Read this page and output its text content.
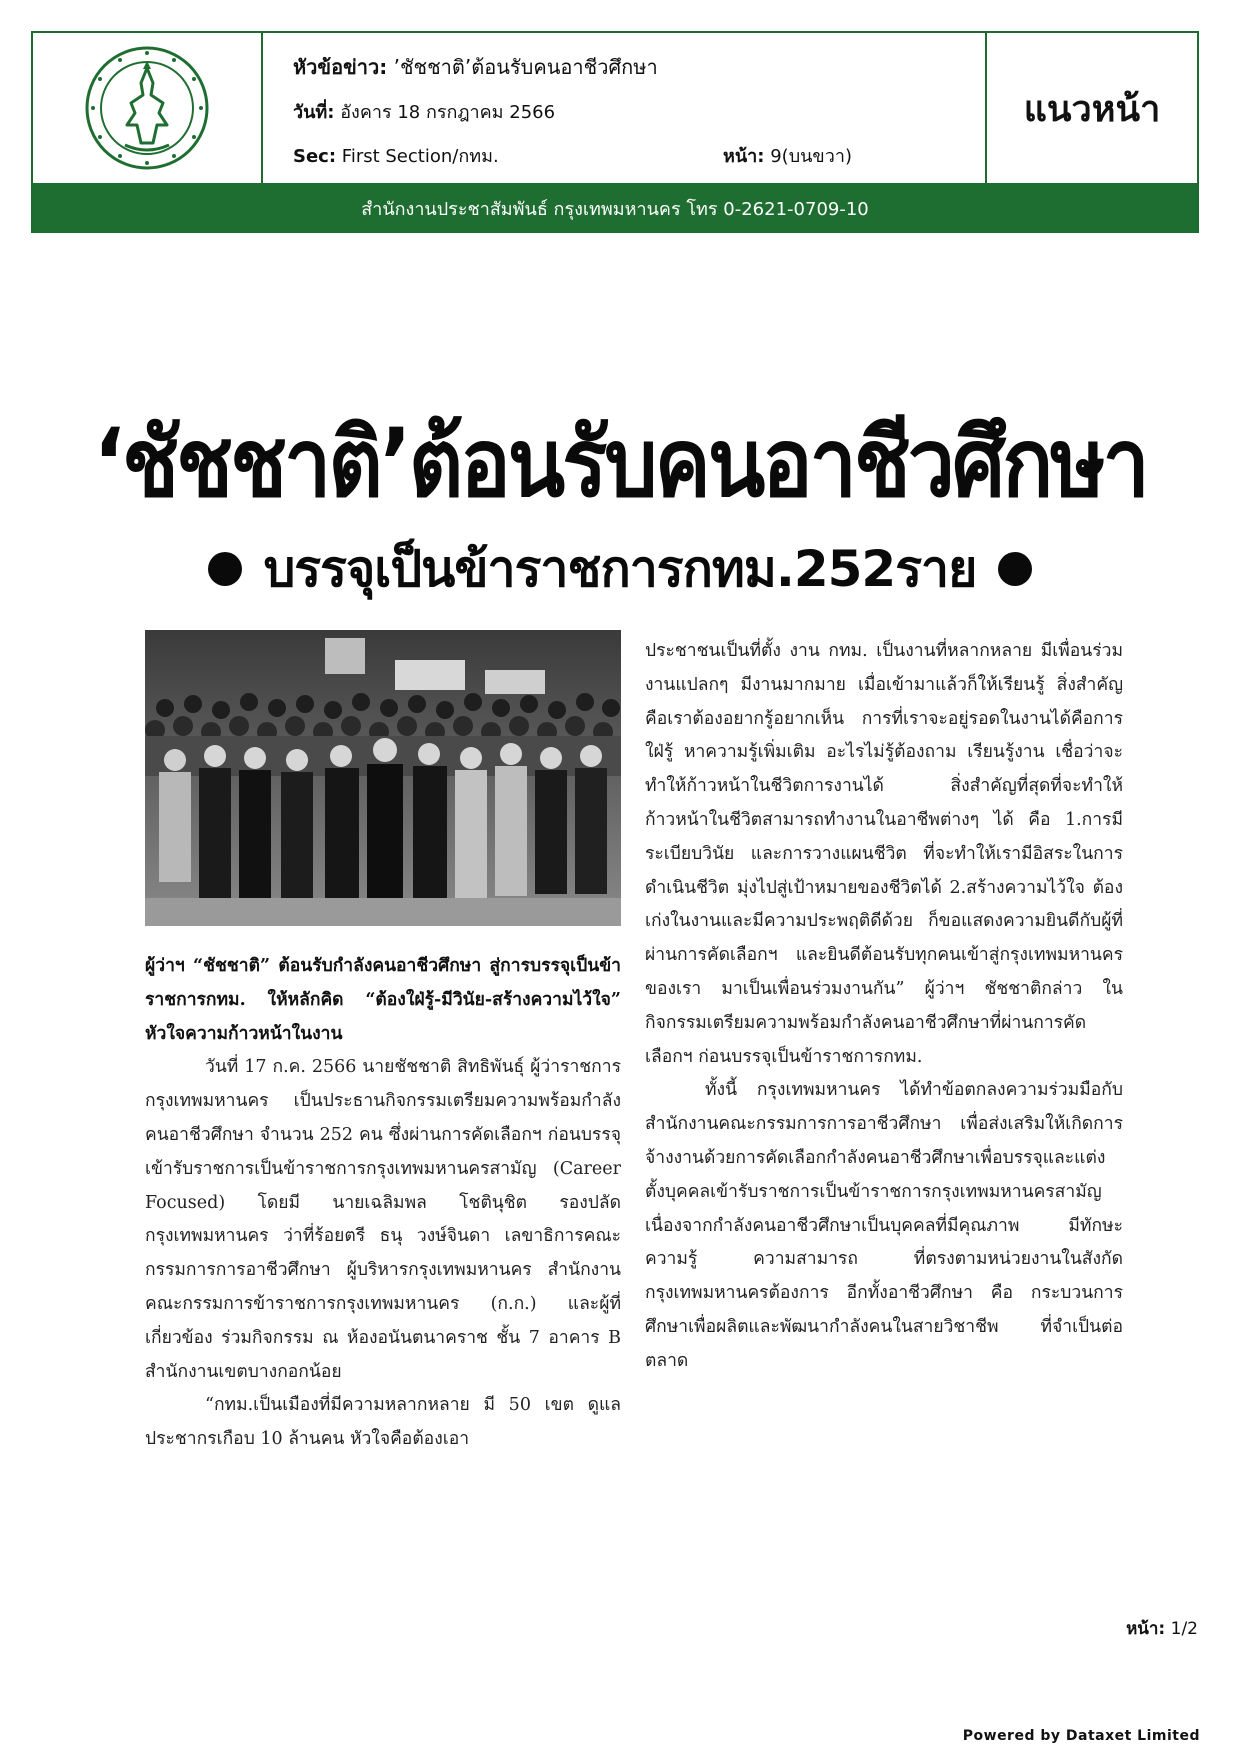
หัวข้อข่าว: ’ชัชชาติ’ต้อนรับคนอาชีวศึกษา
วันที่: อังคาร 18 กรกฎาคม 2566
Sec: First Section/กทม.	หน้า: 9(บนขวา)
แนวหน้า
สำนักงานประชาสัมพันธ์ กรุงเทพมหานคร โทร 0-2621-0709-10
‘ชัชชาติ’ต้อนรับคนอาชีวศึกษา
บรรจุเป็นข้าราชการกทม.252ราย

ผู้ว่าฯ “ชัชชาติ” ต้อนรับกำลังคนอาชีวศึกษา สู่การบรรจุเป็นข้าราชการกทม. ให้หลักคิด “ต้องใฝ่รู้-มีวินัย-สร้างความไว้ใจ” หัวใจความก้าวหน้าในงาน

วันที่ 17 ก.ค. 2566 นายชัชชาติ สิทธิพันธุ์ ผู้ว่าราชการกรุงเทพมหานคร เป็นประธานกิจกรรมเตรียมความพร้อมกำลังคนอาชีวศึกษา จำนวน 252 คน ซึ่งผ่านการคัดเลือกฯ ก่อนบรรจุเข้ารับราชการเป็นข้าราชการกรุงเทพมหานครสามัญ (Career Focused) โดยมี นายเฉลิมพล โชตินุชิต รองปลัดกรุงเทพมหานคร ว่าที่ร้อยตรี ธนุ วงษ์จินดา เลขาธิการคณะกรรมการการอาชีวศึกษา ผู้บริหารกรุงเทพมหานคร สำนักงานคณะกรรมการข้าราชการกรุงเทพมหานคร (ก.ก.) และผู้ที่เกี่ยวข้อง ร่วมกิจกรรม ณ ห้องอนันตนาคราช ชั้น 7 อาคาร B สำนักงานเขตบางกอกน้อย

“กทม.เป็นเมืองที่มีความหลากหลาย มี 50 เขต ดูแลประชากรเกือบ 10 ล้านคน หัวใจคือต้องเอา

ประชาชนเป็นที่ตั้ง งาน กทม. เป็นงานที่หลากหลาย มีเพื่อนร่วมงานแปลกๆ มีงานมากมาย เมื่อเข้ามาแล้วก็ให้เรียนรู้ สิ่งสำคัญคือเราต้องอยากรู้อยากเห็น การที่เราจะอยู่รอดในงานได้คือการใฝ่รู้ หาความรู้เพิ่มเติม อะไรไม่รู้ต้องถาม เรียนรู้งาน เชื่อว่าจะทำให้ก้าวหน้าในชีวิตการงานได้ สิ่งสำคัญที่สุดที่จะทำให้ก้าวหน้าในชีวิตสามารถทำงานในอาชีพต่างๆ ได้ คือ 1.การมีระเบียบวินัย และการวางแผนชีวิต ที่จะทำให้เรามีอิสระในการดำเนินชีวิต มุ่งไปสู่เป้าหมายของชีวิตได้ 2.สร้างความไว้ใจ ต้องเก่งในงานและมีความประพฤติดีด้วย ก็ขอแสดงความยินดีกับผู้ที่ผ่านการคัดเลือกฯ และยินดีต้อนรับทุกคนเข้าสู่กรุงเทพมหานครของเรา มาเป็นเพื่อนร่วมงานกัน” ผู้ว่าฯ ชัชชาติกล่าว ในกิจกรรมเตรียมความพร้อมกำลังคนอาชีวศึกษาที่ผ่านการคัดเลือกฯ ก่อนบรรจุเป็นข้าราชการกทม.

ทั้งนี้ กรุงเทพมหานคร ได้ทำข้อตกลงความร่วมมือกับสำนักงานคณะกรรมการการอาชีวศึกษา เพื่อส่งเสริมให้เกิดการจ้างงานด้วยการคัดเลือกกำลังคนอาชีวศึกษาเพื่อบรรจุและแต่งตั้งบุคคลเข้ารับราชการเป็นข้าราชการกรุงเทพมหานครสามัญ เนื่องจากกำลังคนอาชีวศึกษาเป็นบุคคลที่มีคุณภาพ มีทักษะ ความรู้ ความสามารถ ที่ตรงตามหน่วยงานในสังกัดกรุงเทพมหานครต้องการ อีกทั้งอาชีวศึกษา คือ กระบวนการศึกษาเพื่อผลิตและพัฒนากำลังคนในสายวิชาชีพ ที่จำเป็นต่อตลาด

หน้า: 1/2
Powered by Dataxet Limited
